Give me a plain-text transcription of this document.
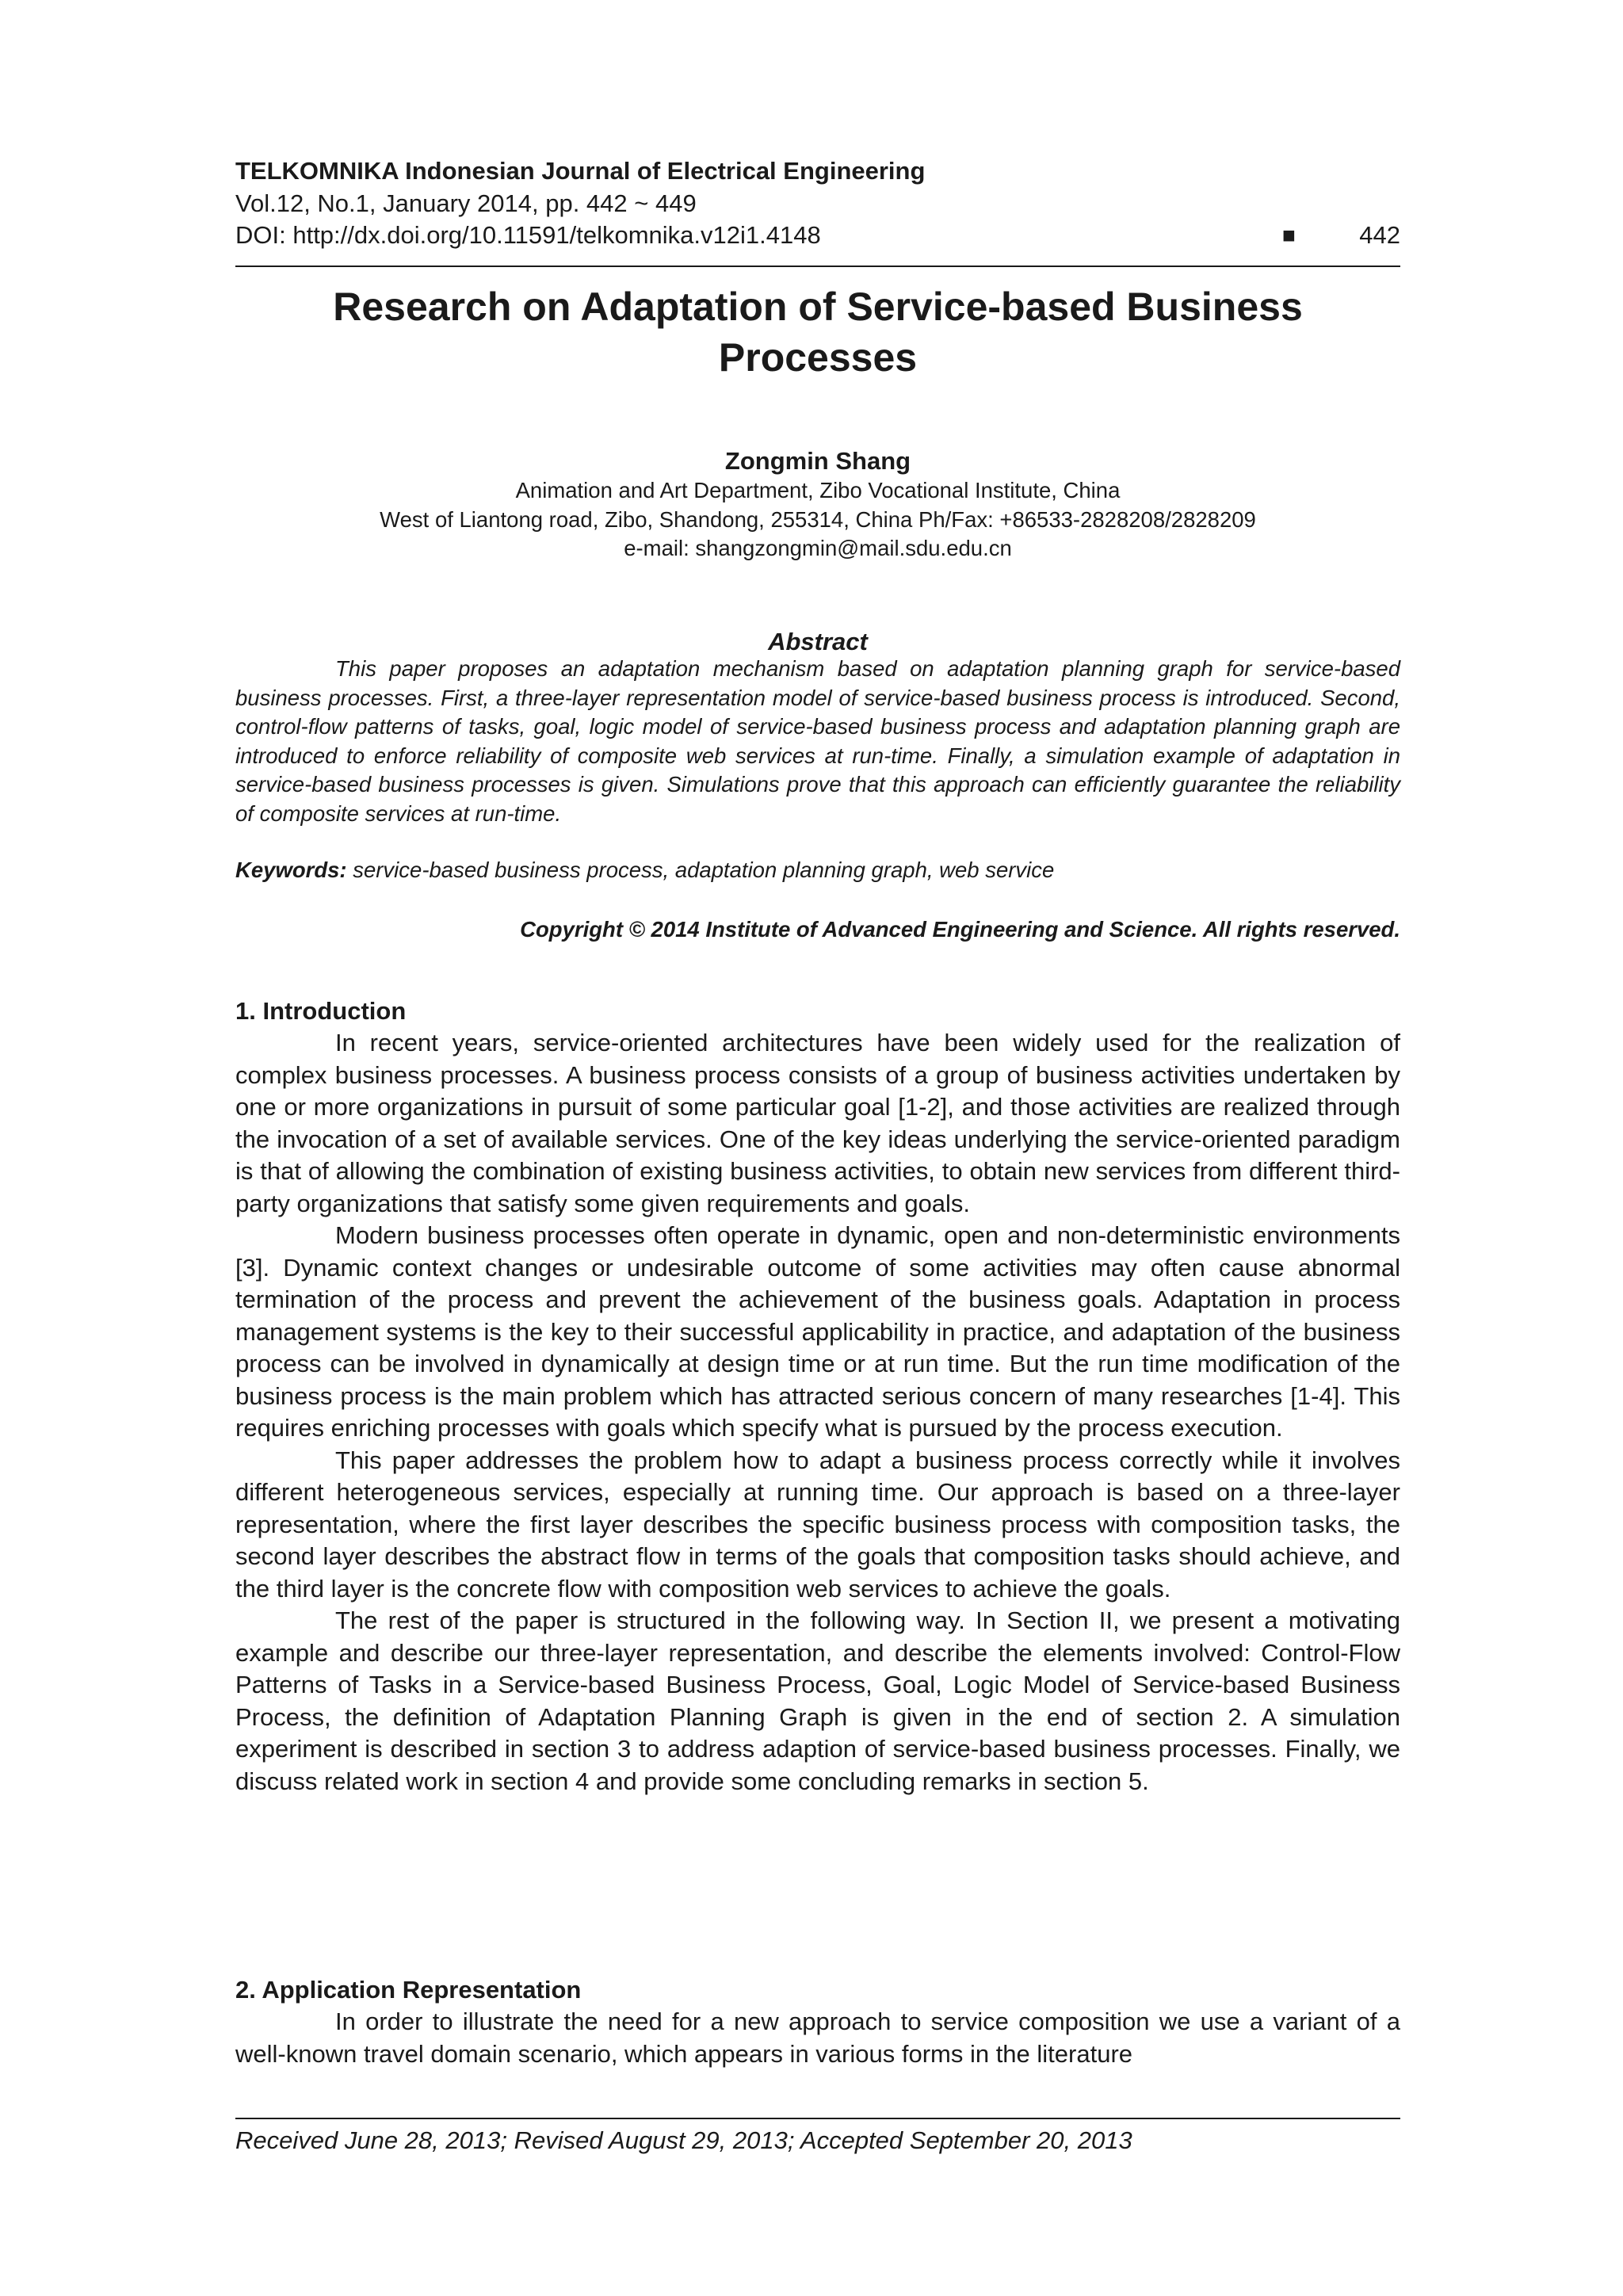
TELKOMNIKA Indonesian Journal of Electrical Engineering
Vol.12, No.1, January 2014, pp. 442 ~ 449
DOI: http://dx.doi.org/10.11591/telkomnika.v12i1.4148	■	442
Research on Adaptation of Service-based Business Processes
Zongmin Shang
Animation and Art Department, Zibo Vocational Institute, China
West of Liantong road, Zibo, Shandong, 255314, China Ph/Fax: +86533-2828208/2828209
e-mail: shangzongmin@mail.sdu.edu.cn
Abstract

This paper proposes an adaptation mechanism based on adaptation planning graph for service-based business processes. First, a three-layer representation model of service-based business process is introduced. Second, control-flow patterns of tasks, goal, logic model of service-based business process and adaptation planning graph are introduced to enforce reliability of composite web services at run-time. Finally, a simulation example of adaptation in service-based business processes is given. Simulations prove that this approach can efficiently guarantee the reliability of composite services at run-time.

Keywords: service-based business process, adaptation planning graph, web service
Copyright © 2014 Institute of Advanced Engineering and Science. All rights reserved.
1. Introduction

In recent years, service-oriented architectures have been widely used for the realization of complex business processes. A business process consists of a group of business activities undertaken by one or more organizations in pursuit of some particular goal [1-2], and those activities are realized through the invocation of a set of available services. One of the key ideas underlying the service-oriented paradigm is that of allowing the combination of existing business activities, to obtain new services from different third-party organizations that satisfy some given requirements and goals.

Modern business processes often operate in dynamic, open and non-deterministic environments [3]. Dynamic context changes or undesirable outcome of some activities may often cause abnormal termination of the process and prevent the achievement of the business goals. Adaptation in process management systems is the key to their successful applicability in practice, and adaptation of the business process can be involved in dynamically at design time or at run time. But the run time modification of the business process is the main problem which has attracted serious concern of many researches [1-4]. This requires enriching processes with goals which specify what is pursued by the process execution.

This paper addresses the problem how to adapt a business process correctly while it involves different heterogeneous services, especially at running time. Our approach is based on a three-layer representation, where the first layer describes the specific business process with composition tasks, the second layer describes the abstract flow in terms of the goals that composition tasks should achieve, and the third layer is the concrete flow with composition web services to achieve the goals.

The rest of the paper is structured in the following way. In Section II, we present a motivating example and describe our three-layer representation, and describe the elements involved: Control-Flow Patterns of Tasks in a Service-based Business Process, Goal, Logic Model of Service-based Business Process, the definition of Adaptation Planning Graph is given in the end of section 2. A simulation experiment is described in section 3 to address adaption of service-based business processes. Finally, we discuss related work in section 4 and provide some concluding remarks in section 5.

2. Application Representation

In order to illustrate the need for a new approach to service composition we use a variant of a well-known travel domain scenario, which appears in various forms in the literature

Received June 28, 2013; Revised August 29, 2013; Accepted September 20, 2013
